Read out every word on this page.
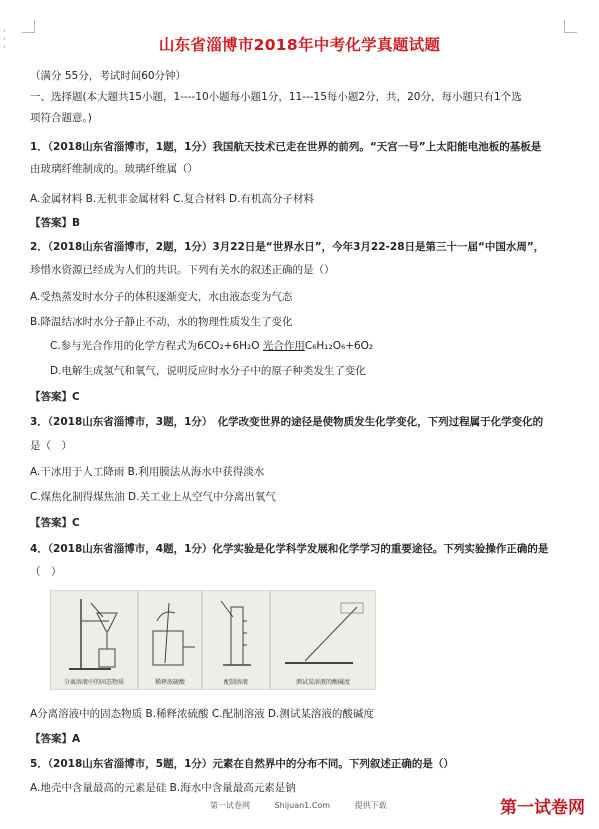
·
·
·	山东省淄博市2018年中考化学真题试题
（满分 55分，考试时间60分钟）
一、选择题(本大题共15小题，1----10小题每小题1分，11---15每小题2分，共，20分，每小题只有1个选
项符合题意。)
1．（2018山东省淄博市，1题，1分）我国航天技术已走在世界的前列。“天宫一号”上太阳能电池板的基板是
由玻璃纤维制成的。玻璃纤维属（）
A.金属材料 B.无机非金属材料 C.复合材料 D.有机高分子材料
【答案】B
2．（2018山东省淄博市，2题，1分）3月22日是“世界水日”，今年3月22-28日是第三十一届“中国水周”，
珍惜水资源已经成为人们的共识。下列有关水的叙述正确的是（）
A.受热蒸发时水分子的体积逐渐变大，水由液态变为气态
B.降温结冰时水分子静止不动，水的物理性质发生了变化
C.参与光合作用的化学方程式为6CO₂+6H₂O 光合作用C₆H₁₂O₆+6O₂
D.电解生成氢气和氧气，说明反应时水分子中的原子种类发生了变化
【答案】C
3．（2018山东省淄博市，3题，1分）　化学改变世界的途径是使物质发生化学变化，下列过程属于化学变化的
是（　）
A.干冰用于人工降雨 B.利用膜法从海水中获得淡水
C.煤焦化制得煤焦油 D.关工业上从空气中分离出氧气
【答案】C
4．（2018山东省淄博市，4题，1分）化学实验是化学科学发展和化学学习的重要途径。下列实验操作正确的是
（　）
分离溶液中的固态物质	稀释浓硫酸	配制溶液	测试某溶液的酸碱度
A分离溶液中的固态物质 B.稀释浓硫酸 C.配制溶液 D.测试某溶液的酸碱度
【答案】A
5．（2018山东省淄博市，5题，1分）元素在自然界中的分布不同。下列叙述正确的是（）
A.地壳中含量最高的元素是硅 B.海水中含量最高元素是钠
第一试卷网	Shijuan1.Com	提供下载	第一试卷网
